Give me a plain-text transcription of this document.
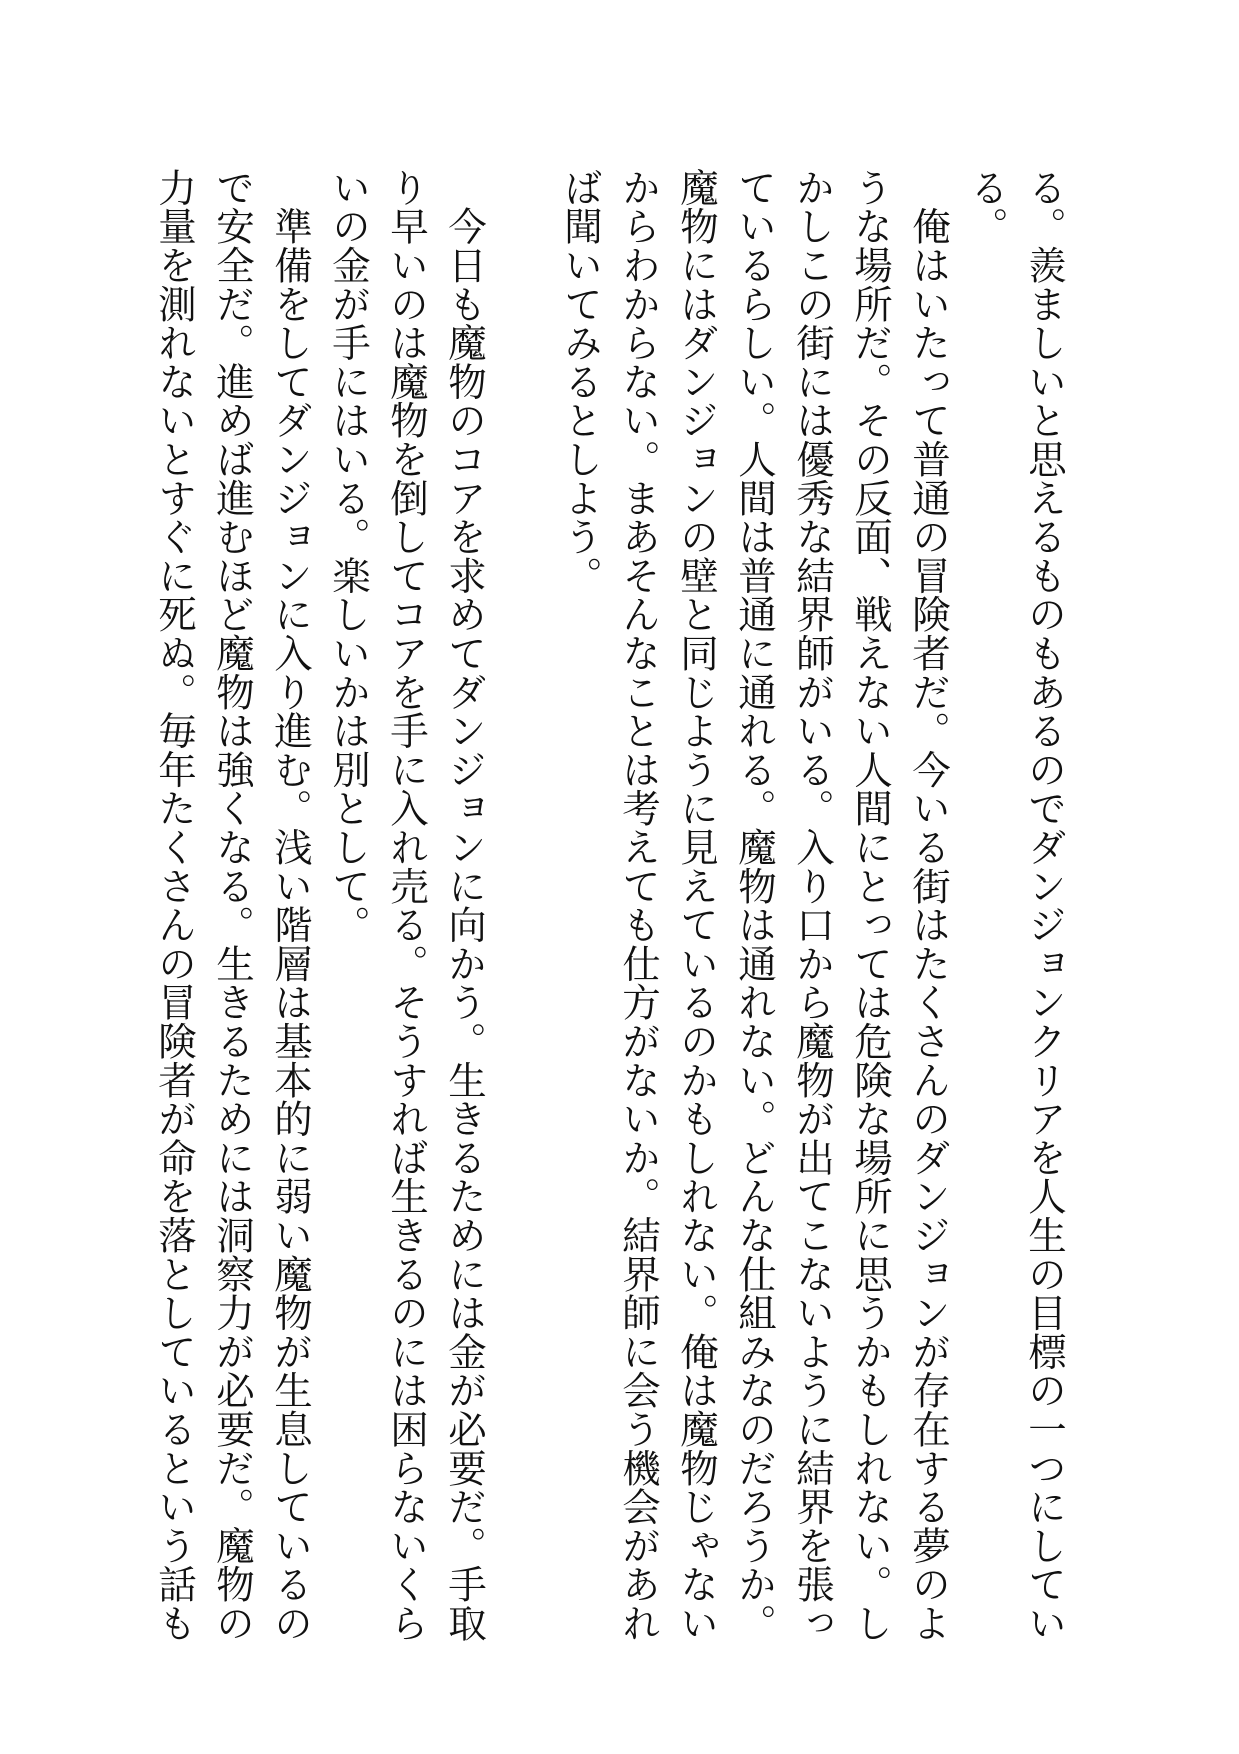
る。羨ましいと思えるものもあるのでダンジョンクリアを人生の目標の一つにしてい

る。

　俺はいたって普通の冒険者だ。今いる街はたくさんのダンジョンが存在する夢のよ

うな場所だ。その反面、戦えない人間にとっては危険な場所に思うかもしれない。し

かしこの街には優秀な結界師がいる。入り口から魔物が出てこないように結界を張っ

ているらしい。人間は普通に通れる。魔物は通れない。どんな仕組みなのだろうか。

魔物にはダンジョンの壁と同じように見えているのかもしれない。俺は魔物じゃない

からわからない。まあそんなことは考えても仕方がないか。結界師に会う機会があれ

ば聞いてみるとしよう。

　今日も魔物のコアを求めてダンジョンに向かう。生きるためには金が必要だ。手取

り早いのは魔物を倒してコアを手に入れ売る。そうすれば生きるのには困らないくら

いの金が手にはいる。楽しいかは別として。

　準備をしてダンジョンに入り進む。浅い階層は基本的に弱い魔物が生息しているの

で安全だ。進めば進むほど魔物は強くなる。生きるためには洞察力が必要だ。魔物の

力量を測れないとすぐに死ぬ。毎年たくさんの冒険者が命を落としているという話も
